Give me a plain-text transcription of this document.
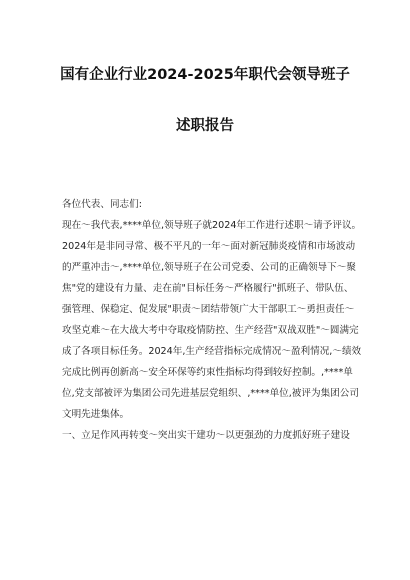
国有企业行业2024-2025年职代会领导班子
述职报告

各位代表、同志们:

现在～我代表,****单位,领导班子就2024年工作进行述职～请予评议。

2024年是非同寻常、极不平凡的一年～面对新冠肺炎疫情和市场波动的严重冲击～,****单位,领导班子在公司党委、公司的正确领导下～聚焦"党的建设有力量、走在前"目标任务～严格履行"抓班子、带队伍、强管理、保稳定、促发展"职责～团结带领广大干部职工～勇担责任～攻坚克难～在大战大考中夺取疫情防控、生产经营"双战双胜"～圆满完成了各项目标任务。2024年,生产经营指标完成情况～盈利情况,～绩效完成比例再创新高～安全环保等约束性指标均得到较好控制。,****单位,党支部被评为集团公司先进基层党组织、,****单位,被评为集团公司文明先进集体。

一、立足作风再转变～突出实干建功～以更强劲的力度抓好班子建设
